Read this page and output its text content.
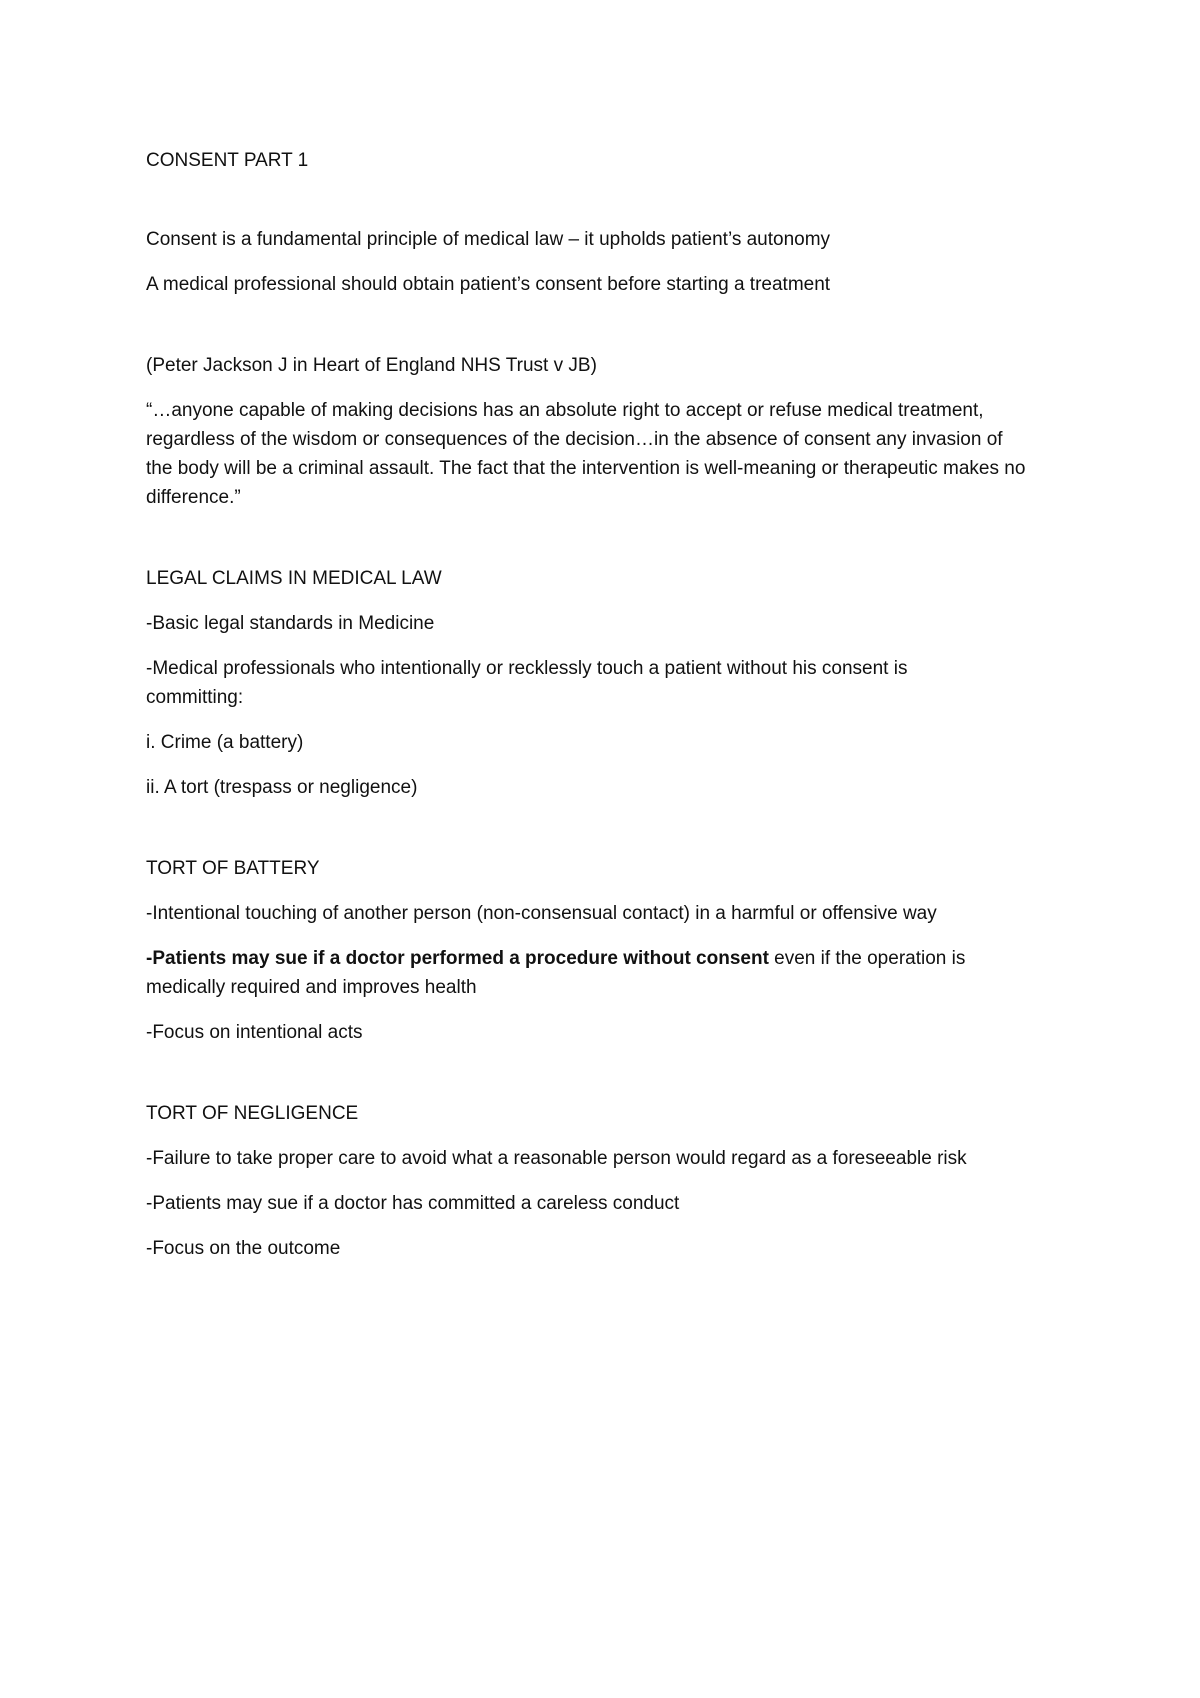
CONSENT PART 1

Consent is a fundamental principle of medical law – it upholds patient’s autonomy

A medical professional should obtain patient’s consent before starting a treatment

(Peter Jackson J in Heart of England NHS Trust v JB)

“…anyone capable of making decisions has an absolute right to accept or refuse medical treatment, regardless of the wisdom or consequences of the decision…in the absence of consent any invasion of the body will be a criminal assault. The fact that the intervention is well-meaning or therapeutic makes no difference.”

LEGAL CLAIMS IN MEDICAL LAW

-Basic legal standards in Medicine

-Medical professionals who intentionally or recklessly touch a patient without his consent is committing:

i. Crime (a battery)

ii. A tort (trespass or negligence)

TORT OF BATTERY

-Intentional touching of another person (non-consensual contact) in a harmful or offensive way

-Patients may sue if a doctor performed a procedure without consent even if the operation is medically required and improves health

-Focus on intentional acts

TORT OF NEGLIGENCE

-Failure to take proper care to avoid what a reasonable person would regard as a foreseeable risk

-Patients may sue if a doctor has committed a careless conduct

-Focus on the outcome
